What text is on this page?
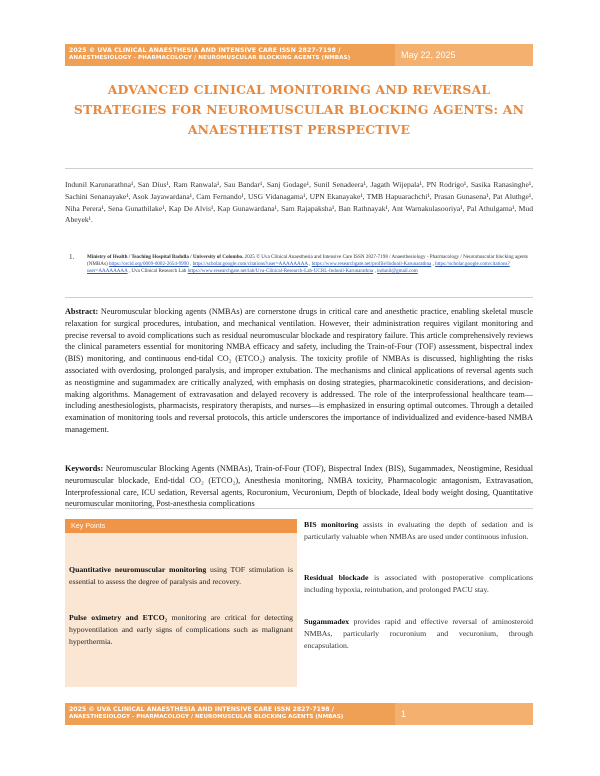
2025 © UVA CLINICAL ANAESTHESIA AND INTENSIVE CARE ISSN 2827-7198 /
ANAESTHESIOLOGY - PHARMACOLOGY / NEUROMUSCULAR BLOCKING AGENTS (NMBAS)	May 22, 2025
ADVANCED CLINICAL MONITORING AND REVERSAL STRATEGIES FOR NEUROMUSCULAR BLOCKING AGENTS: AN ANAESTHETIST PERSPECTIVE
Indunil Karunarathna¹, San Dius¹, Ram Ranwala¹, Sau Bandar¹, Sanj Godage¹, Sunil Senadeera¹, Jagath Wijepala¹, PN Rodrigo¹, Sasika Ranasinghe¹, Sachini Senanayake¹, Asok Jayawardana¹, Cam Fernando¹, USG Vidanagama¹, UPN Ekanayake¹, TMB Hapuarachchi¹, Prasan Gunasena¹, Pat Aluthge¹, Niha Perera¹, Sena Gunathilake¹, Kap De Alvis¹, Kap Gunawardana¹, Sam Rajapaksha¹, Ban Rathnayak¹, Ant Warnakulasooriya¹, Pal Athulgama¹, Mud Abeyek¹.
1.	Ministry of Health / Teaching Hospital Badulla / University of Colombo. 2025 © Uva Clinical Anaesthesia and Intensive Care ISSN 2827-7198 / Anaesthesiology - Pharmacology / Neuromuscular blocking agents (NMBAs) https://orcid.org/0009-0002-2654-9990 , https://scholar.google.com/citations?user=AAAAAAAA , https://www.researchgate.net/profile/Indunil-Karunarathna , https://scholar.google.com/citations?user=AAAAAAAA , Uva Clinical Research Lab https://www.researchgate.net/lab/Uva-Clinical-Research-Lab-UCRL-Indunil-Karunarathna , indunil@gmail.com
Abstract: Neuromuscular blocking agents (NMBAs) are cornerstone drugs in critical care and anesthetic practice, enabling skeletal muscle relaxation for surgical procedures, intubation, and mechanical ventilation. However, their administration requires vigilant monitoring and precise reversal to avoid complications such as residual neuromuscular blockade and respiratory failure. This article comprehensively reviews the clinical parameters essential for monitoring NMBA efficacy and safety, including the Train-of-Four (TOF) assessment, bispectral index (BIS) monitoring, and continuous end-tidal CO₂ (ETCO₂) analysis. The toxicity profile of NMBAs is discussed, highlighting the risks associated with overdosing, prolonged paralysis, and improper extubation. The mechanisms and clinical applications of reversal agents such as neostigmine and sugammadex are critically analyzed, with emphasis on dosing strategies, pharmacokinetic considerations, and decision-making algorithms. Management of extravasation and delayed recovery is addressed. The role of the interprofessional healthcare team—including anesthesiologists, pharmacists, respiratory therapists, and nurses—is emphasized in ensuring optimal outcomes. Through a detailed examination of monitoring tools and reversal protocols, this article underscores the importance of individualized and evidence-based NMBA management.
Keywords: Neuromuscular Blocking Agents (NMBAs), Train-of-Four (TOF), Bispectral Index (BIS), Sugammadex, Neostigmine, Residual neuromuscular blockade, End-tidal CO₂ (ETCO₂), Anesthesia monitoring, NMBA toxicity, Pharmacologic antagonism, Extravasation, Interprofessional care, ICU sedation, Reversal agents, Rocuronium, Vecuronium, Depth of blockade, Ideal body weight dosing, Quantitative neuromuscular monitoring, Post-anesthesia complications
Key Points
Quantitative neuromuscular monitoring using TOF stimulation is essential to assess the degree of paralysis and recovery.
Pulse oximetry and ETCO₂ monitoring are critical for detecting hypoventilation and early signs of complications such as malignant hyperthermia.
BIS monitoring assists in evaluating the depth of sedation and is particularly valuable when NMBAs are used under continuous infusion.
Residual blockade is associated with postoperative complications including hypoxia, reintubation, and prolonged PACU stay.
Sugammadex provides rapid and effective reversal of aminosteroid NMBAs, particularly rocuronium and vecuronium, through encapsulation.
2025 © UVA CLINICAL ANAESTHESIA AND INTENSIVE CARE ISSN 2827-7198 /
ANAESTHESIOLOGY - PHARMACOLOGY / NEUROMUSCULAR BLOCKING AGENTS (NMBAS)	1
